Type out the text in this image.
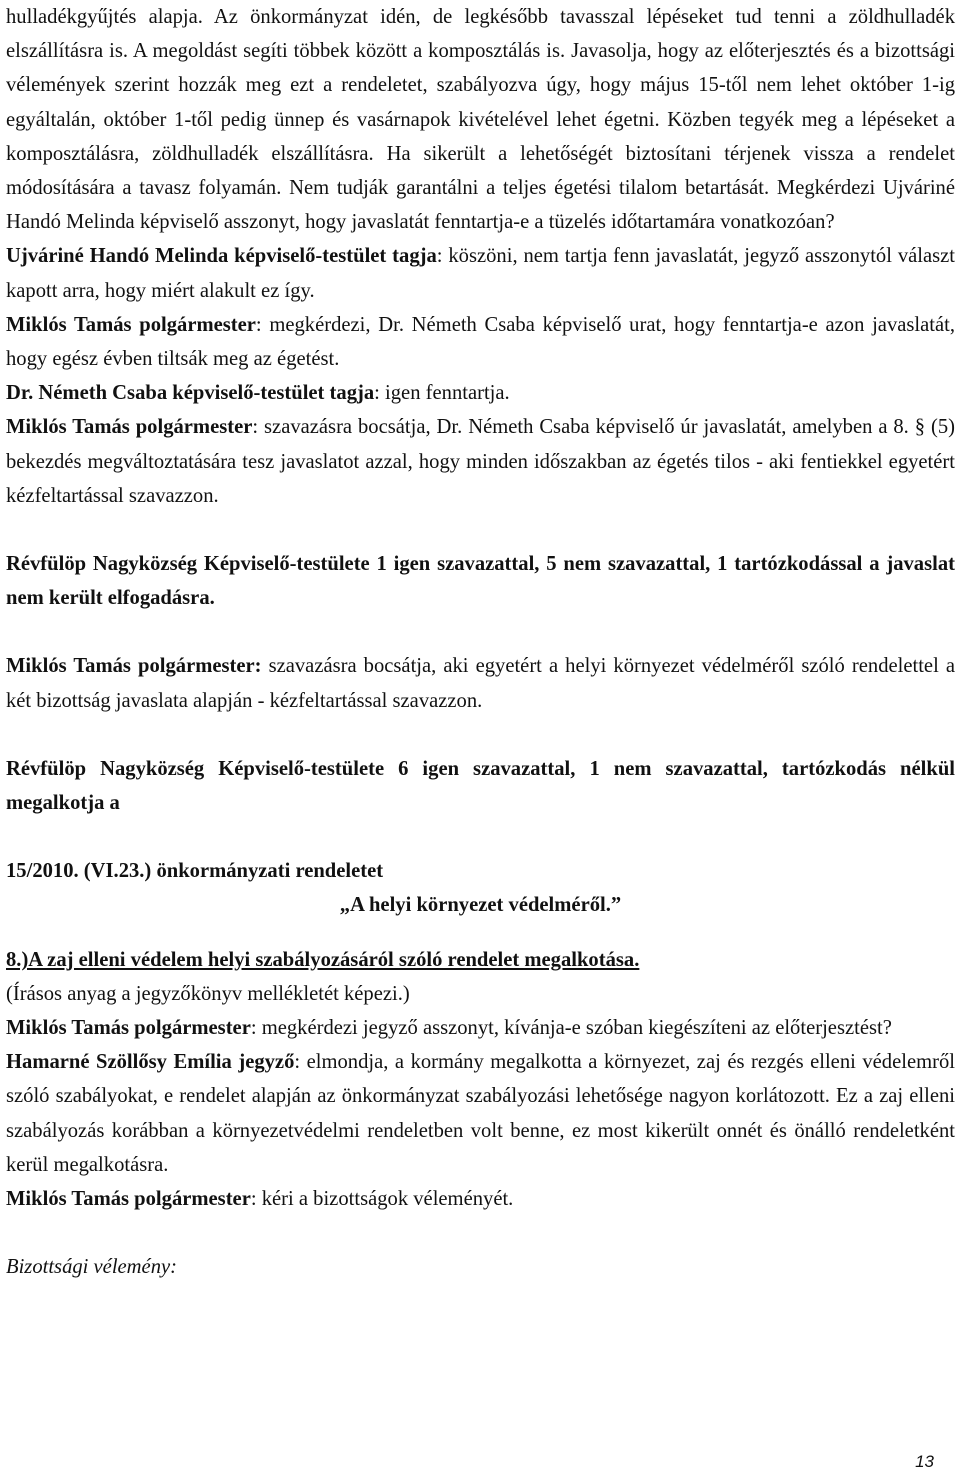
hulladékgyűjtés alapja. Az önkormányzat idén, de legkésőbb tavasszal lépéseket tud tenni a zöldhulladék elszállításra is. A megoldást segíti többek között a komposztálás is. Javasolja, hogy az előterjesztés és a bizottsági vélemények szerint hozzák meg ezt a rendeletet, szabályozva úgy, hogy május 15-től nem lehet október 1-ig egyáltalán, október 1-től pedig ünnep és vasárnapok kivételével lehet égetni. Közben tegyék meg a lépéseket a komposztálásra, zöldhulladék elszállításra. Ha sikerült a lehetőségét biztosítani térjenek vissza a rendelet módosítására a tavasz folyamán. Nem tudják garantálni a teljes égetési tilalom betartását. Megkérdezi Ujváriné Handó Melinda képviselő asszonyt, hogy javaslatát fenntartja-e a tüzelés időtartamára vonatkozóan?

Ujváriné Handó Melinda képviselő-testület tagja: köszöni, nem tartja fenn javaslatát, jegyző asszonytól választ kapott arra, hogy miért alakult ez így.

Miklós Tamás polgármester: megkérdezi, Dr. Németh Csaba képviselő urat, hogy fenntartja-e azon javaslatát, hogy egész évben tiltsák meg az égetést.

Dr. Németh Csaba képviselő-testület tagja: igen fenntartja.

Miklós Tamás polgármester: szavazásra bocsátja, Dr. Németh Csaba képviselő úr javaslatát, amelyben a 8. § (5) bekezdés megváltoztatására tesz javaslatot azzal, hogy minden időszakban az égetés tilos - aki fentiekkel egyetért kézfeltartással szavazzon.

Révfülöp Nagyközség Képviselő-testülete 1 igen szavazattal, 5 nem szavazattal, 1 tartózkodással a javaslat nem került elfogadásra.

Miklós Tamás polgármester: szavazásra bocsátja, aki egyetért a helyi környezet védelméről szóló rendelettel a két bizottság javaslata alapján - kézfeltartással szavazzon.

Révfülöp Nagyközség Képviselő-testülete 6 igen szavazattal, 1 nem szavazattal, tartózkodás nélkül megalkotja a

15/2010. (VI.23.) önkormányzati rendeletet

„A helyi környezet védelméről.”

8.)A zaj elleni védelem helyi szabályozásáról szóló rendelet megalkotása.

(Írásos anyag a jegyzőkönyv mellékletét képezi.)

Miklós Tamás polgármester: megkérdezi jegyző asszonyt, kívánja-e szóban kiegészíteni az előterjesztést?

Hamarné Szöllősy Emília jegyző: elmondja, a kormány megalkotta a környezet, zaj és rezgés elleni védelemről szóló szabályokat, e rendelet alapján az önkormányzat szabályozási lehetősége nagyon korlátozott. Ez a zaj elleni szabályozás korábban a környezetvédelmi rendeletben volt benne, ez most kikerült onnét és önálló rendeletként kerül megalkotásra.

Miklós Tamás polgármester: kéri a bizottságok véleményét.

Bizottsági vélemény:

13
